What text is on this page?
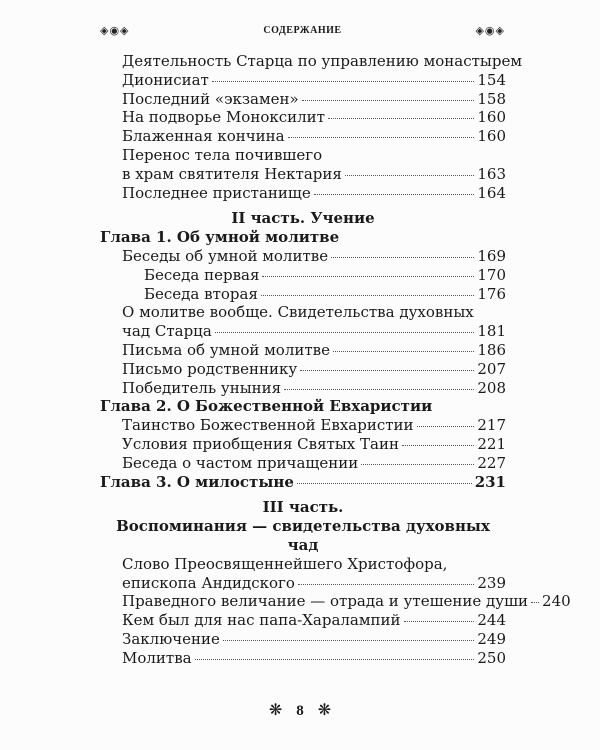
◈◉◈	СОДЕРЖАНИЕ	◈◉◈
Деятельность Старца по управлению монастырем
Дионисиат	154
Последний «экзамен»	158
На подворье Моноксилит	160
Блаженная кончина	160
Перенос тела почившего
в храм святителя Нектария	163
Последнее пристанище	164
II часть. Учение
Глава 1. Об умной молитве
Беседы об умной молитве	169
Беседа первая	170
Беседа вторая	176
О молитве вообще. Свидетельства духовных
чад Старца	181
Письма об умной молитве	186
Письмо родственнику	207
Победитель уныния	208
Глава 2. О Божественной Евхаристии
Таинство Божественной Евхаристии	217
Условия приобщения Святых Таин	221
Беседа о частом причащении	227
Глава 3. О милостыне	231
III часть.
Воспоминания — свидетельства духовных чад
Слово Преосвященнейшего Христофора,
епископа Андидского	239
Праведного величание — отрада и утешение души 240
Кем был для нас папа-Харалампий	244
Заключение	249
Молитва	250
❋ 8 ❋
